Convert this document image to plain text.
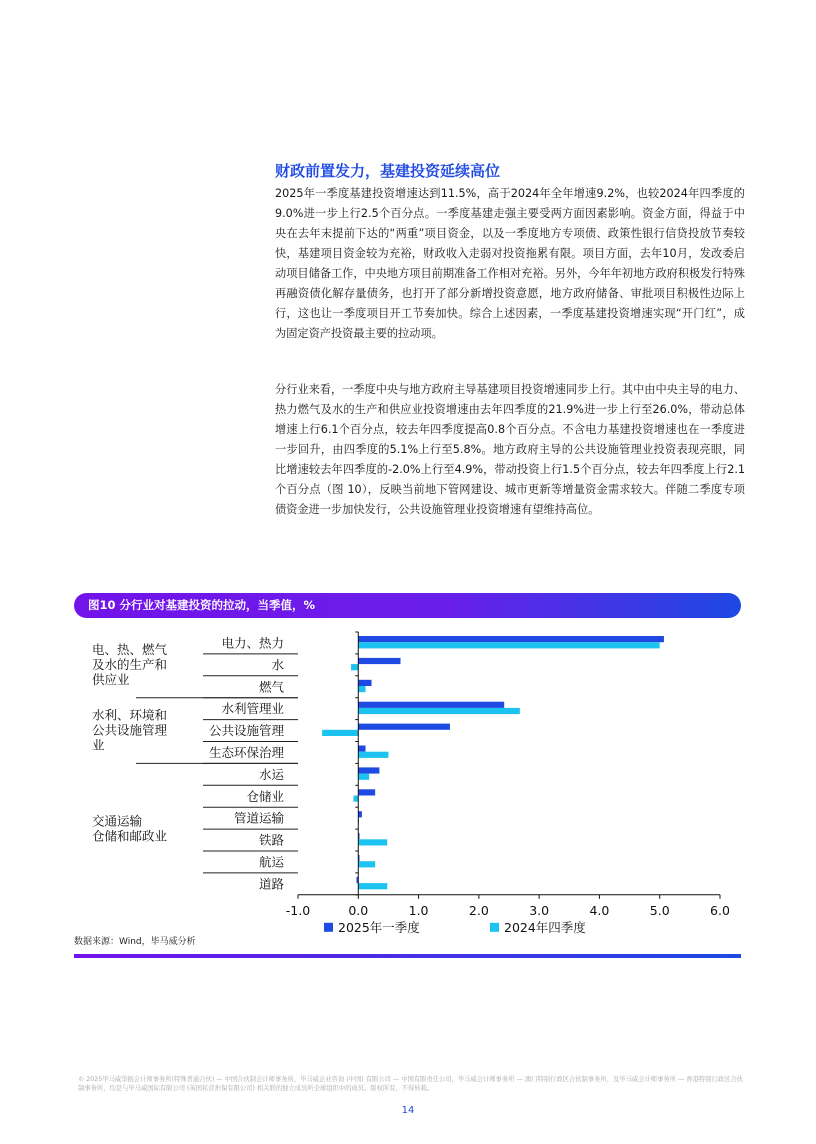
财政前置发力，基建投资延续高位

2025年一季度基建投资增速达到11.5%，高于2024年全年增速9.2%，也较2024年四季度的9.0%进一步上行2.5个百分点。一季度基建走强主要受两方面因素影响。资金方面，得益于中央在去年末提前下达的“两重”项目资金，以及一季度地方专项债、政策性银行信贷投放节奏较快，基建项目资金较为充裕，财政收入走弱对投资拖累有限。项目方面，去年10月，发改委启动项目储备工作，中央地方项目前期准备工作相对充裕。另外，今年年初地方政府积极发行特殊再融资债化解存量债务，也打开了部分新增投资意愿，地方政府储备、审批项目积极性边际上行，这也让一季度项目开工节奏加快。综合上述因素，一季度基建投资增速实现“开门红”，成为固定资产投资最主要的拉动项。

分行业来看，一季度中央与地方政府主导基建项目投资增速同步上行。其中由中央主导的电力、热力燃气及水的生产和供应业投资增速由去年四季度的21.9%进一步上行至26.0%，带动总体增速上行6.1个百分点，较去年四季度提高0.8个百分点。不含电力基建投资增速也在一季度进一步回升，由四季度的5.1%上行至5.8%。地方政府主导的公共设施管理业投资表现亮眼，同比增速较去年四季度的-2.0%上行至4.9%，带动投资上行1.5个百分点，较去年四季度上行2.1个百分点（图 10），反映当前地下管网建设、城市更新等增量资金需求较大。伴随二季度专项债资金进一步加快发行，公共设施管理业投资增速有望维持高位。

图10 分行业对基建投资的拉动，当季值，%
电、热、燃气及水的生产和供应业
水利、环境和公共设施管理业
交通运输仓储和邮政业
电力、热力
水
燃气
水利管理业
公共设施管理
生态环保治理
水运
仓储业
管道运输
铁路
航运
道路
-1.0	0.0	1.0	2.0	3.0	4.0	5.0	6.0
2025年一季度	2024年四季度
数据来源：Wind，毕马威分析
© 2025毕马威华振会计师事务所(特殊普通合伙) — 中国合伙制会计师事务所，毕马威企业咨询 (中国) 有限公司 — 中国有限责任公司，毕马威会计师事务所 — 澳门特别行政区合伙制事务所，及毕马威会计师事务所 — 香港特别行政区合伙制事务所，均是与毕马威国际有限公司 (英国私营担保有限公司) 相关联的独立成员所全球组织中的成员。版权所有，不得转载。
14
